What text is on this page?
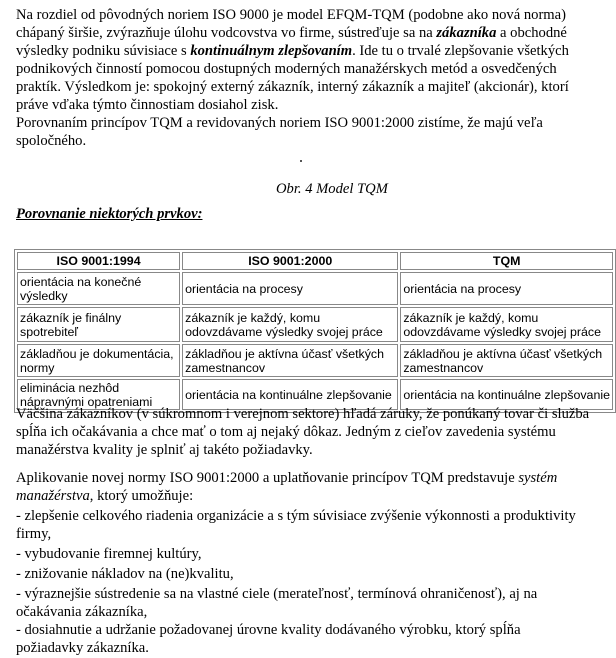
Na rozdiel od pôvodných noriem ISO 9000 je model EFQM-TQM (podobne ako nová norma)
chápaný širšie, zvýrazňuje úlohu vodcovstva vo firme, sústreďuje sa na zákazníka a obchodné
výsledky podniku súvisiace s kontinuálnym zlepšovaním. Ide tu o trvalé zlepšovanie všetkých
podnikových činností pomocou dostupných moderných manažérskych metód a osvedčených
praktík. Výsledkom je: spokojný externý zákazník, interný zákazník a majiteľ (akcionár), ktorí
práve vďaka týmto činnostiam dosiahol zisk.
Porovnaním princípov TQM a revidovaných noriem ISO 9001:2000 zistíme, že majú veľa
spoločného.
Obr. 4 Model TQM
Porovnanie niektorých prvkov:
ISO 9001:1994	ISO 9001:2000	TQM
orientácia na konečné
výsledky	orientácia na procesy	orientácia na procesy
zákazník je finálny
spotrebiteľ	zákazník je každý, komu
odovzdávame výsledky svojej práce	zákazník je každý, komu
odovzdávame výsledky svojej práce
základňou je dokumentácia,
normy	základňou je aktívna účasť všetkých
zamestnancov	základňou je aktívna účasť všetkých
zamestnancov
eliminácia nezhôd
nápravnými opatreniami	orientácia na kontinuálne zlepšovanie	orientácia na kontinuálne zlepšovanie
Väčšina zákazníkov (v súkromnom i verejnom sektore) hľadá záruky, že ponúkaný tovar či služba
spĺňa ich očakávania a chce mať o tom aj nejaký dôkaz. Jedným z cieľov zavedenia systému
manažérstva kvality je splniť aj takéto požiadavky.
Aplikovanie novej normy ISO 9001:2000 a uplatňovanie princípov TQM predstavuje systém
manažérstva, ktorý umožňuje:
- zlepšenie celkového riadenia organizácie a s tým súvisiace zvýšenie výkonnosti a produktivity
firmy,
- vybudovanie firemnej kultúry,
- znižovanie nákladov na (ne)kvalitu,
- výraznejšie sústredenie sa na vlastné ciele (merateľnosť, termínová ohraničenosť), aj na
očakávania zákazníka,
- dosiahnutie a udržanie požadovanej úrovne kvality dodávaného výrobku, ktorý spĺňa
požiadavky zákazníka.
